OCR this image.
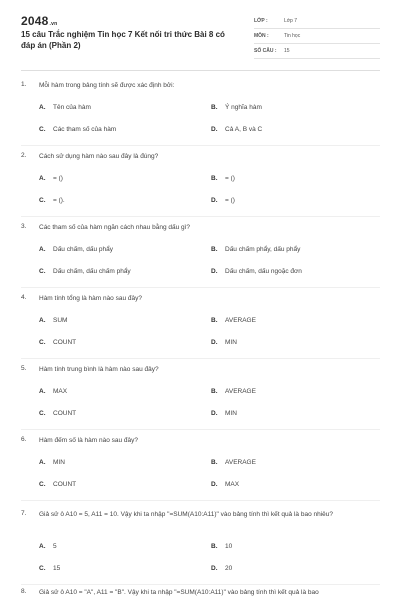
2048.vn
15 câu Trắc nghiệm Tin học 7 Kết nối tri thức Bài 8 có đáp án (Phần 2)
LỚP :	Lớp 7
MÔN :	Tin học
SỐ CÂU : 15
1. Mỗi hàm trong bảng tính sẽ được xác định bởi:
A. Tên của hàm	B. Ý nghĩa hàm
C. Các tham số của hàm	D. Cả A, B và C
2. Cách sử dụng hàm nào sau đây là đúng?
A. = ()	B. = ()
C. = ().	D. = ()
3. Các tham số của hàm ngăn cách nhau bằng dấu gì?
A. Dấu chấm, dấu phẩy	B. Dấu chấm phẩy, dấu phẩy
C. Dấu chấm, dấu chấm phẩy	D. Dấu chấm, dấu ngoặc đơn
4. Hàm tính tổng là hàm nào sau đây?
A. SUM	B. AVERAGE
C. COUNT	D. MIN
5. Hàm tính trung bình là hàm nào sau đây?
A. MAX	B. AVERAGE
C. COUNT	D. MIN
6. Hàm đếm số là hàm nào sau đây?
A. MIN	B. AVERAGE
C. COUNT	D. MAX
7. Giả sử ô A10 = 5, A11 = 10. Vậy khi ta nhập "=SUM(A10:A11)" vào bảng tính thì kết quả là bao nhiêu?
A. 5	B. 10
C. 15	D. 20
8. Giả sử ô A10 = "A", A11 = "B". Vậy khi ta nhập "=SUM(A10:A11)" vào bảng tính thì kết quả là bao
